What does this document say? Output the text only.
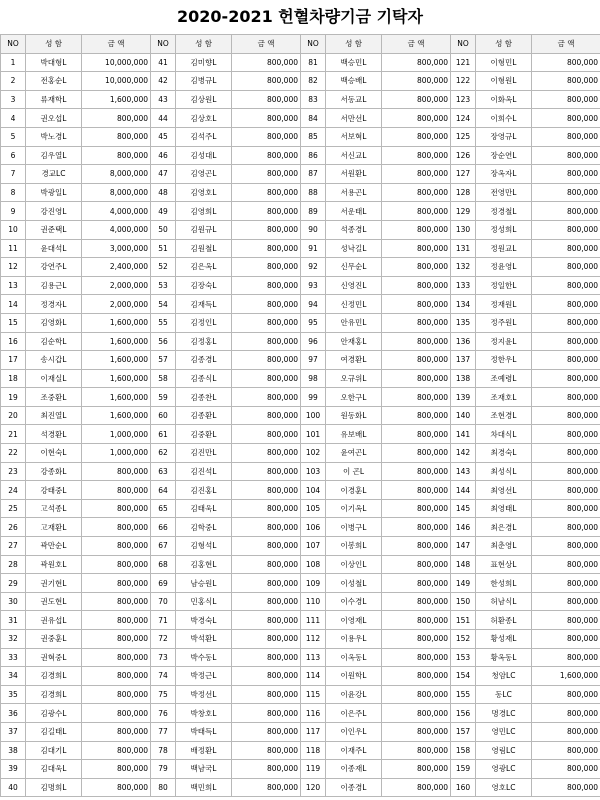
2020-2021 헌혈차량기금 기탁자
NO	성 함	금 액	NO	성 함	금 액	NO	성 함	금 액	NO	성 함	금 액
1	박대형L	10,000,000	41	김미향L	800,000	81	백승민L	800,000	121	이형민L	800,000
2	전홍순L	10,000,000	42	김병규L	800,000	82	백승배L	800,000	122	이형원L	800,000
3	류재학L	1,600,000	43	김상원L	800,000	83	서동교L	800,000	123	이화옥L	800,000
4	권오섭L	800,000	44	김상호L	800,000	84	서만선L	800,000	124	이희수L	800,000
5	박노경L	800,000	45	김석주L	800,000	85	서보혁L	800,000	125	장영규L	800,000
6	김우열L	800,000	46	김성대L	800,000	86	서신교L	800,000	126	장순연L	800,000
7	경교LC	8,000,000	47	김영곤L	800,000	87	서원환L	800,000	127	장옥자L	800,000
8	박광일L	8,000,000	48	김영호L	800,000	88	서용곤L	800,000	128	전영만L	800,000
9	강진영L	4,000,000	49	김영희L	800,000	89	서운태L	800,000	129	정경철L	800,000
10	권준택L	4,000,000	50	김원규L	800,000	90	석종경L	800,000	130	정성희L	800,000
11	윤대석L	3,000,000	51	김원철L	800,000	91	성낙길L	800,000	131	정원교L	800,000
12	강연주L	2,400,000	52	김은옥L	800,000	92	신무순L	800,000	132	정윤영L	800,000
13	김용근L	2,000,000	53	김장숙L	800,000	93	신영진L	800,000	133	정일한L	800,000
14	정경자L	2,000,000	54	김재득L	800,000	94	신정민L	800,000	134	정재원L	800,000
15	김영화L	1,600,000	55	김정인L	800,000	95	안유민L	800,000	135	정주원L	800,000
16	김순학L	1,600,000	56	김정홍L	800,000	96	안재홍L	800,000	136	정지윤L	800,000
17	송시갑L	1,600,000	57	김종경L	800,000	97	여경환L	800,000	137	정한우L	800,000
18	이재실L	1,600,000	58	김종식L	800,000	98	오규위L	800,000	138	조예령L	800,000
19	조중환L	1,600,000	59	김종찬L	800,000	99	오한구L	800,000	139	조재호L	800,000
20	최진열L	1,600,000	60	김종환L	800,000	100	원동화L	800,000	140	조현경L	800,000
21	석경환L	1,000,000	61	김중환L	800,000	101	유보배L	800,000	141	차대식L	800,000
22	이현숙L	1,000,000	62	김진만L	800,000	102	윤여곤L	800,000	142	최경숙L	800,000
23	강종화L	800,000	63	김진석L	800,000	103	이 곤L	800,000	143	최성식L	800,000
24	강태중L	800,000	64	김진홍L	800,000	104	이경훈L	800,000	144	최영선L	800,000
25	고석종L	800,000	65	김태욱L	800,000	105	이기옥L	800,000	145	최영태L	800,000
26	고재환L	800,000	66	김학중L	800,000	106	이병구L	800,000	146	최은경L	800,000
27	곽만순L	800,000	67	김형석L	800,000	107	이봉희L	800,000	147	최춘영L	800,000
28	곽원호L	800,000	68	김홍현L	800,000	108	이상인L	800,000	148	표현상L	800,000
29	권기현L	800,000	69	남승원L	800,000	109	이성철L	800,000	149	한성희L	800,000
30	권도현L	800,000	70	민홍식L	800,000	110	이수경L	800,000	150	허남식L	800,000
31	권유섭L	800,000	71	박경숙L	800,000	111	이영재L	800,000	151	허환종L	800,000
32	권중훈L	800,000	72	박석환L	800,000	112	이용우L	800,000	152	황성재L	800,000
33	권혁중L	800,000	73	박수동L	800,000	113	이옥동L	800,000	153	황옥동L	800,000
34	김경희L	800,000	74	박정근L	800,000	114	이원학L	800,000	154	청암LC	1,600,000
35	김경희L	800,000	75	박정선L	800,000	115	이윤강L	800,000	155	동LC	800,000
36	김광수L	800,000	76	박창호L	800,000	116	이은주L	800,000	156	명경LC	800,000
37	김길태L	800,000	77	박태득L	800,000	117	이인우L	800,000	157	영민LC	800,000
38	김대기L	800,000	78	배정환L	800,000	118	이재주L	800,000	158	영림LC	800,000
39	김대욱L	800,000	79	백남국L	800,000	119	이종재L	800,000	159	영광LC	800,000
40	김명희L	800,000	80	백민희L	800,000	120	이종경L	800,000	160	영호LC	800,000
